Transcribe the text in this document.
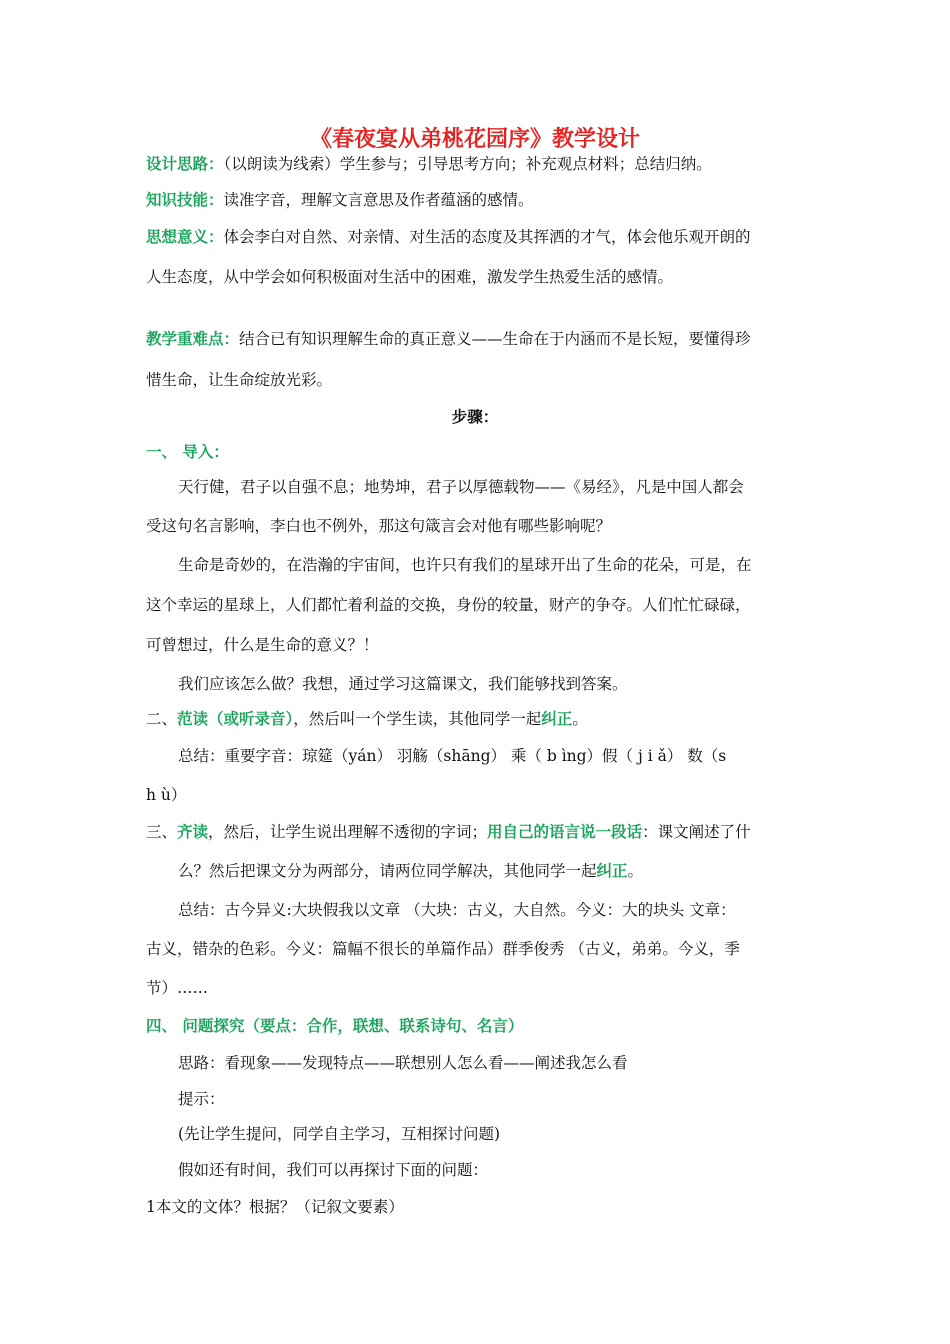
《春夜宴从弟桃花园序》教学设计
设计思路：（以朗读为线索）学生参与；引导思考方向；补充观点材料；总结归纳。
知识技能：读准字音，理解文言意思及作者蕴涵的感情。
思想意义：体会李白对自然、对亲情、对生活的态度及其挥洒的才气，体会他乐观开朗的
人生态度，从中学会如何积极面对生活中的困难，激发学生热爱生活的感情。
教学重难点：结合已有知识理解生命的真正意义——生命在于内涵而不是长短，要懂得珍
惜生命，让生命绽放光彩。
步骤：
一、 导入：
天行健，君子以自强不息；地势坤，君子以厚德载物——《易经》，凡是中国人都会
受这句名言影响，李白也不例外，那这句箴言会对他有哪些影响呢？
生命是奇妙的，在浩瀚的宇宙间，也许只有我们的星球开出了生命的花朵，可是，在
这个幸运的星球上，人们都忙着利益的交换，身份的较量，财产的争夺。人们忙忙碌碌，
可曾想过，什么是生命的意义？！
我们应该怎么做？我想，通过学习这篇课文，我们能够找到答案。
二、范读（或听录音），然后叫一个学生读，其他同学一起纠正。
总结：重要字音：琼筵（yán） 羽觞（shāng） 乘（ b ìng）假（ j i ǎ） 数（s
h ù）
三、齐读，然后，让学生说出理解不透彻的字词；用自己的语言说一段话：课文阐述了什
么？然后把课文分为两部分，请两位同学解决，其他同学一起纠正。
总结：古今异义:大块假我以文章 （大块：古义，大自然。今义：大的块头 文章：
古义，错杂的色彩。今义：篇幅不很长的单篇作品）群季俊秀 （古义，弟弟。今义，季
节）……
四、 问题探究（要点：合作，联想、联系诗句、名言）
思路：看现象——发现特点——联想别人怎么看——阐述我怎么看
提示：
(先让学生提问，同学自主学习，互相探讨问题)
假如还有时间，我们可以再探讨下面的问题：
1本文的文体？根据？（记叙文要素）
